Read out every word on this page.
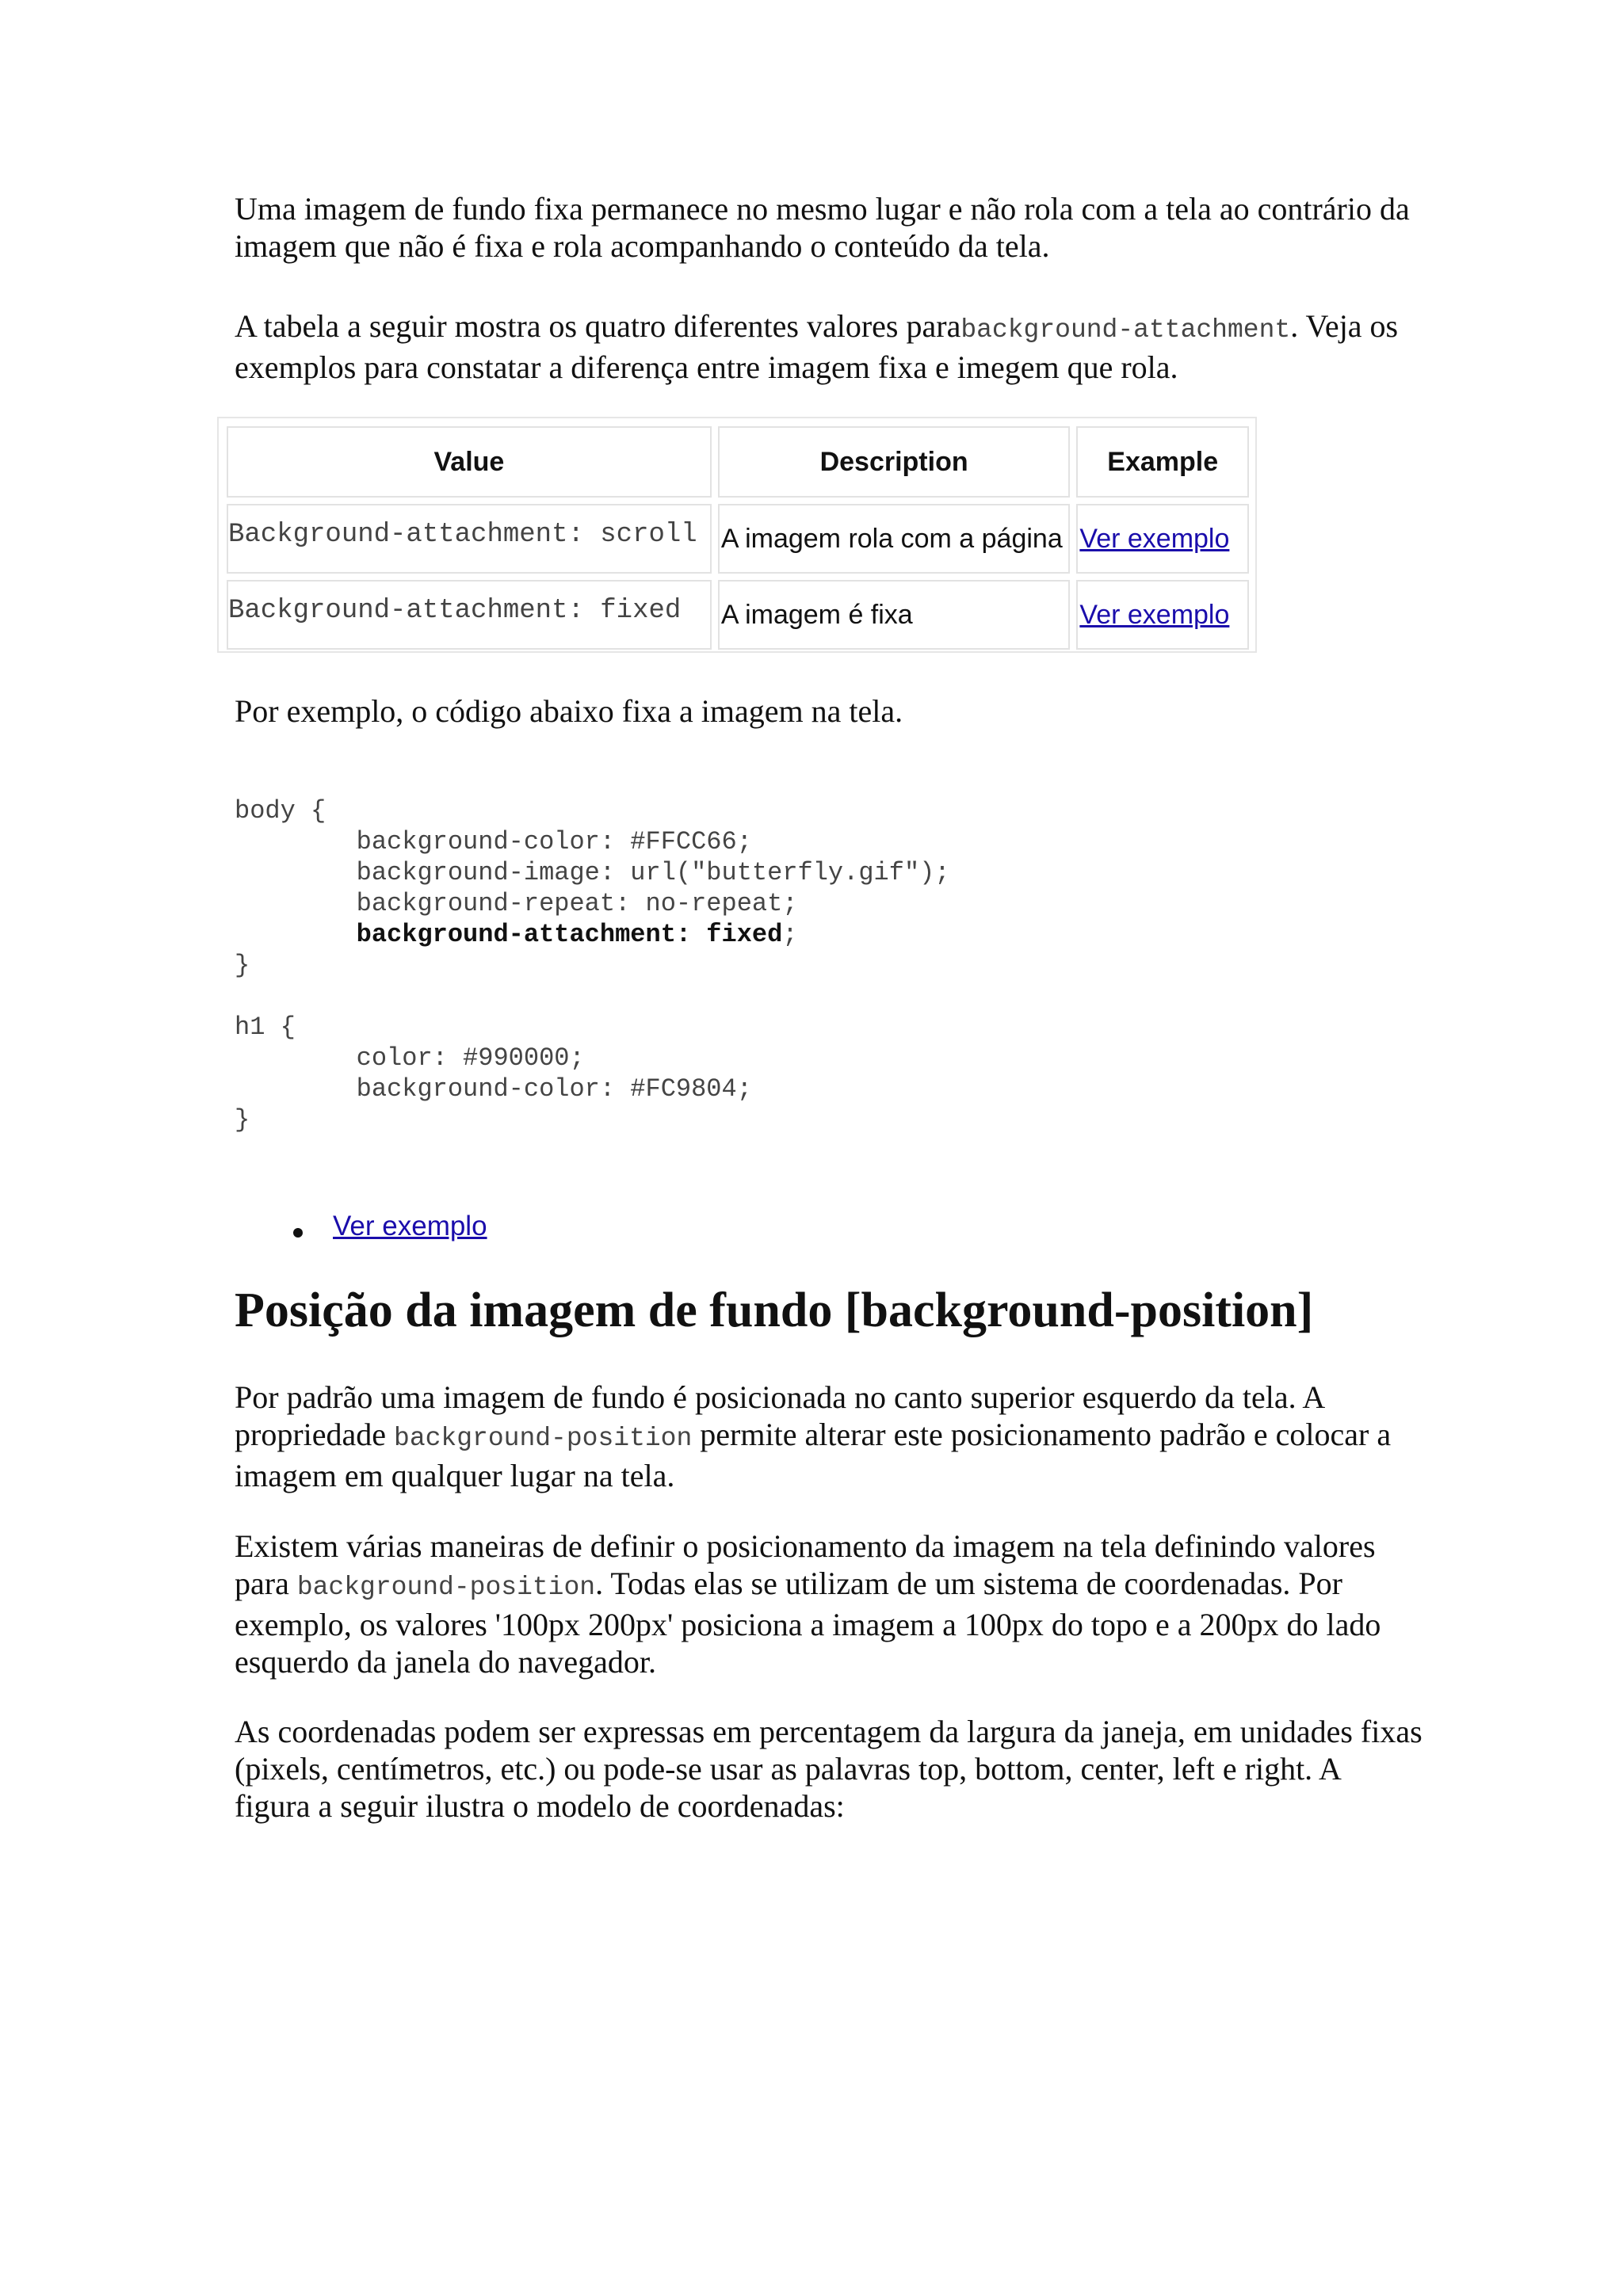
Uma imagem de fundo fixa permanece no mesmo lugar e não rola com a tela ao contrário da imagem que não é fixa e rola acompanhando o conteúdo da tela.

A tabela a seguir mostra os quatro diferentes valores parabackground-attachment. Veja os exemplos para constatar a diferença entre imagem fixa e imegem que rola.

Value	Description	Example
Background-attachment: scroll	A imagem rola com a página	Ver exemplo
Background-attachment: fixed	A imagem é fixa	Ver exemplo

Por exemplo, o código abaixo fixa a imagem na tela.

body {
background-color: #FFCC66;
background-image: url("butterfly.gif");
background-repeat: no-repeat;
background-attachment: fixed;
}

h1 {
color: #990000;
background-color: #FC9804;
}
Ver exemplo
Posição da imagem de fundo [background-position]

Por padrão uma imagem de fundo é posicionada no canto superior esquerdo da tela. A propriedade background-position permite alterar este posicionamento padrão e colocar a imagem em qualquer lugar na tela.

Existem várias maneiras de definir o posicionamento da imagem na tela definindo valores para background-position. Todas elas se utilizam de um sistema de coordenadas. Por exemplo, os valores '100px 200px' posiciona a imagem a 100px do topo e a 200px do lado esquerdo da janela do navegador.

As coordenadas podem ser expressas em percentagem da largura da janeja, em unidades fixas (pixels, centímetros, etc.) ou pode-se usar as palavras top, bottom, center, left e right. A figura a seguir ilustra o modelo de coordenadas:
